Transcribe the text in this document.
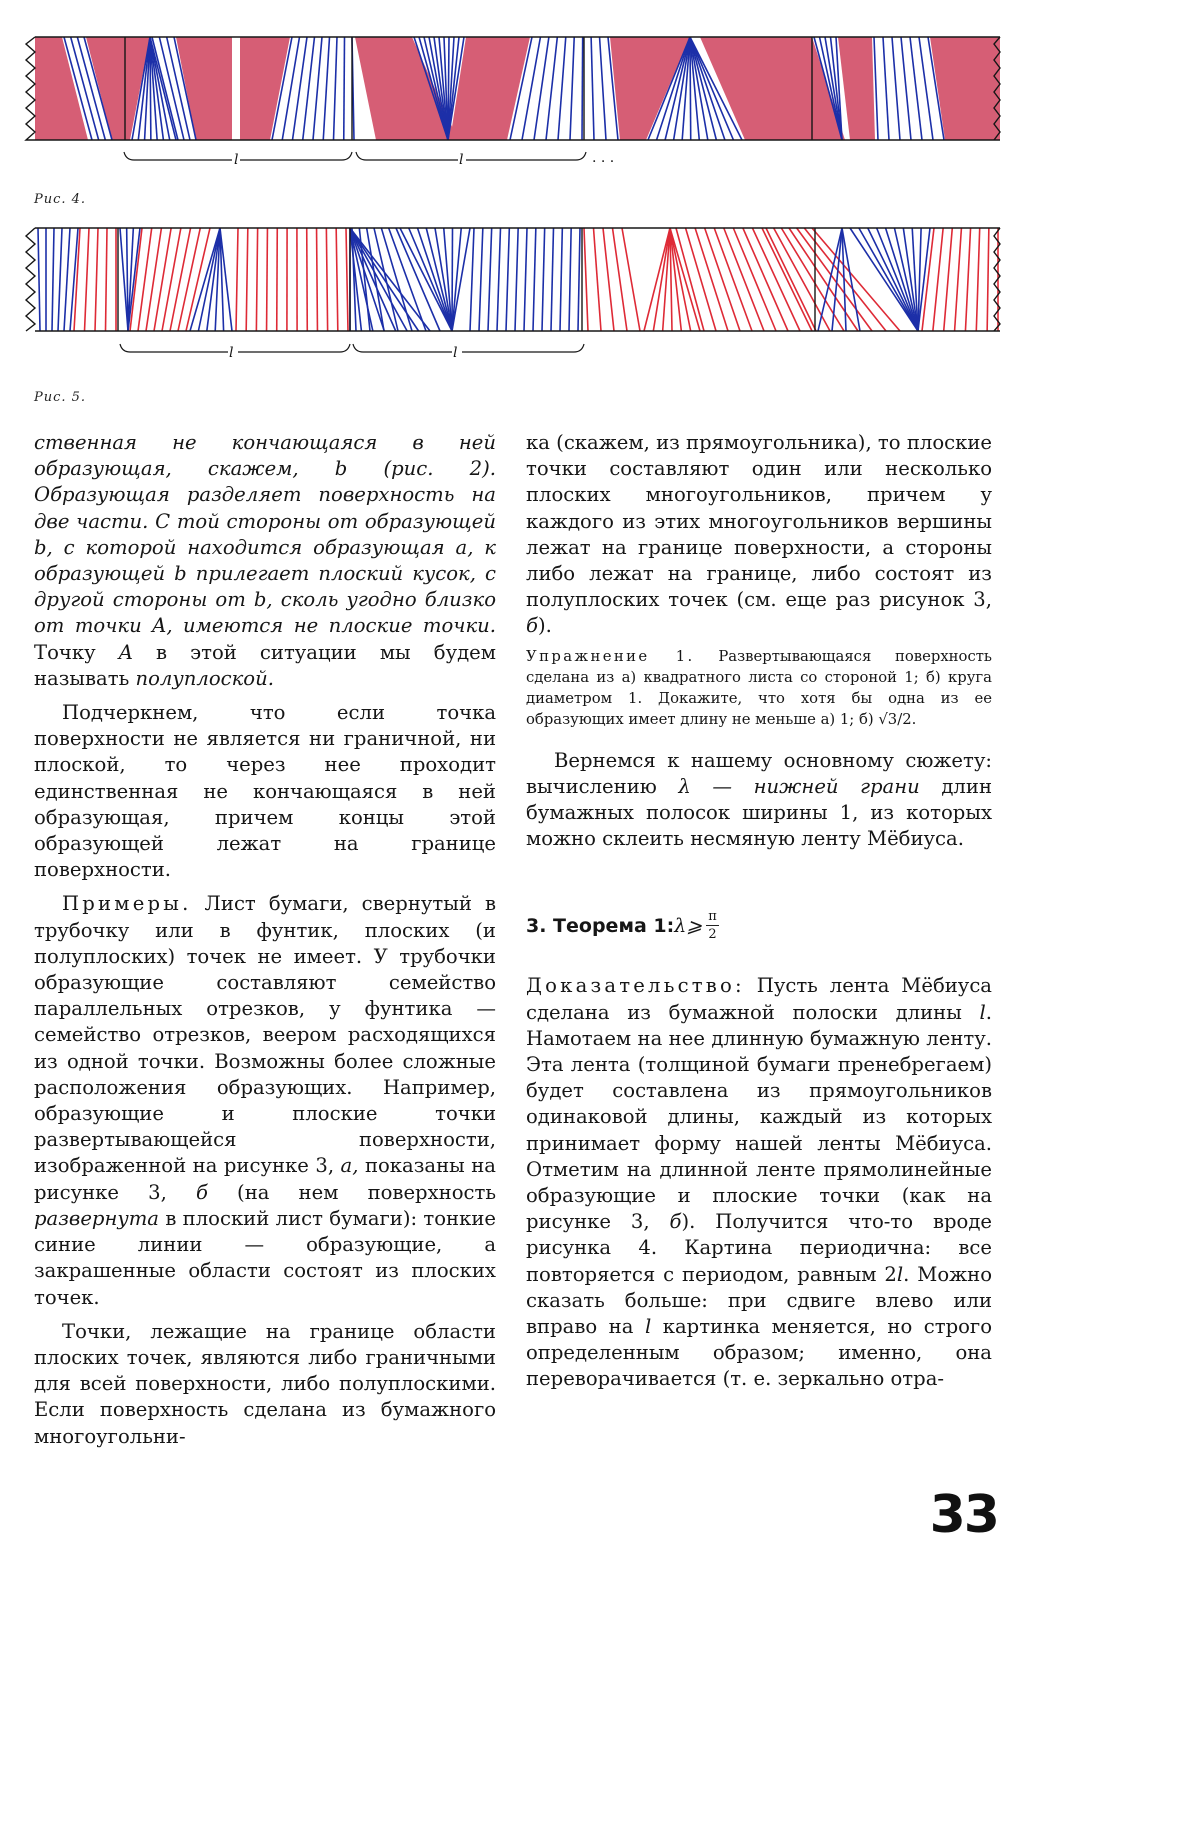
l	l	. . .
Рис. 4.
l	l
Рис. 5.

ственная не кончающаяся в ней образующая, скажем, b (рис. 2). Образующая разделяет поверхность на две части. С той стороны от образующей b, с которой находится образующая a, к образующей b прилегает плоский кусок, с другой стороны от b, сколь угодно близко от точки A, имеются не плоские точки. Точку A в этой ситуации мы будем называть полуплоской.

Подчеркнем, что если точка поверхности не является ни граничной, ни плоской, то через нее проходит единственная не кончающаяся в ней образующая, причем концы этой образующей лежат на границе поверхности.

Примеры. Лист бумаги, свернутый в трубочку или в фунтик, плоских (и полуплоских) точек не имеет. У трубочки образующие составляют семейство параллельных отрезков, у фунтика — семейство отрезков, веером расходящихся из одной точки. Возможны более сложные расположения образующих. Например, образующие и плоские точки развертывающейся поверхности, изображенной на рисунке 3, а, показаны на рисунке 3, б (на нем поверхность развернута в плоский лист бумаги): тонкие синие линии — образующие, а закрашенные области состоят из плоских точек.

Точки, лежащие на границе области плоских точек, являются либо граничными для всей поверхности, либо полуплоскими. Если поверхность сделана из бумажного многоугольни-

ка (скажем, из прямоугольника), то плоские точки составляют один или несколько плоских многоугольников, причем у каждого из этих многоугольников вершины лежат на границе поверхности, а стороны либо лежат на границе, либо состоят из полуплоских точек (см. еще раз рисунок 3, б).

Упражнение 1. Развертывающаяся поверхность сделана из а) квадратного листа со стороной 1; б) круга диаметром 1. Докажите, что хотя бы одна из ее образующих имеет длину не меньше а) 1; б) √3/2.

Вернемся к нашему основному сюжету: вычислению λ — нижней грани длин бумажных полосок ширины 1, из которых можно склеить несмяную ленту Мёбиуса.

3. Теорема 1: λ⩾ $\frac{\pi}{2}$

Доказательство: Пусть лента Мёбиуса сделана из бумажной полоски длины l. Намотаем на нее длинную бумажную ленту. Эта лента (толщиной бумаги пренебрегаем) будет составлена из прямоугольников одинаковой длины, каждый из которых принимает форму нашей ленты Мёбиуса. Отметим на длинной ленте прямолинейные образующие и плоские точки (как на рисунке 3, б). Получится что-то вроде рисунка 4. Картина периодична: все повторяется с периодом, равным 2l. Можно сказать больше: при сдвиге влево или вправо на l картинка меняется, но строго определенным образом; именно, она переворачивается (т. е. зеркально отра-

33
